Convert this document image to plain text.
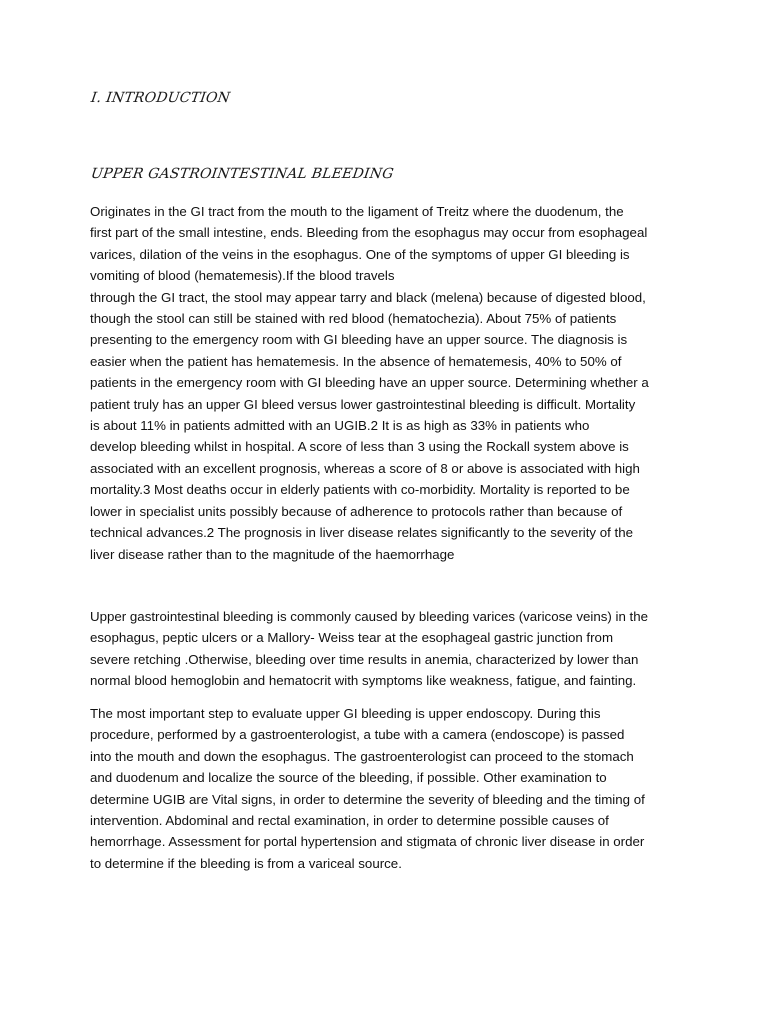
I. INTRODUCTION
UPPER GASTROINTESTINAL BLEEDING
Originates in the GI tract from the mouth to the ligament of Treitz where the duodenum, the
first part of the small intestine, ends. Bleeding from the esophagus may occur from esophageal
varices, dilation of the veins in the esophagus. One of the symptoms of upper GI bleeding is
vomiting of blood (hematemesis).If the blood travels
through the GI tract, the stool may appear tarry and black (melena) because of digested blood,
though the stool can still be stained with red blood (hematochezia). About 75% of patients
presenting to the emergency room with GI bleeding have an upper source. The diagnosis is
easier when the patient has hematemesis. In the absence of hematemesis, 40% to 50% of
patients in the emergency room with GI bleeding have an upper source. Determining whether a
patient truly has an upper GI bleed versus lower gastrointestinal bleeding is difficult. Mortality
is about 11% in patients admitted with an UGIB.2 It is as high as 33% in patients who
develop bleeding whilst in hospital. A score of less than 3 using the Rockall system above is
associated with an excellent prognosis, whereas a score of 8 or above is associated with high
mortality.3 Most deaths occur in elderly patients with co-morbidity. Mortality is reported to be
lower in specialist units possibly because of adherence to protocols rather than because of
technical advances.2 The prognosis in liver disease relates significantly to the severity of the
liver disease rather than to the magnitude of the haemorrhage
Upper gastrointestinal bleeding is commonly caused by bleeding varices (varicose veins) in the
esophagus, peptic ulcers or a Mallory- Weiss tear at the esophageal gastric junction from
severe retching .Otherwise, bleeding over time results in anemia, characterized by lower than
normal blood hemoglobin and hematocrit with symptoms like weakness, fatigue, and fainting.
The most important step to evaluate upper GI bleeding is upper endoscopy. During this
procedure, performed by a gastroenterologist, a tube with a camera (endoscope) is passed
into the mouth and down the esophagus. The gastroenterologist can proceed to the stomach
and duodenum and localize the source of the bleeding, if possible. Other examination to
determine UGIB are Vital signs, in order to determine the severity of bleeding and the timing of
intervention. Abdominal and rectal examination, in order to determine possible causes of
hemorrhage. Assessment for portal hypertension and stigmata of chronic liver disease in order
to determine if the bleeding is from a variceal source.
